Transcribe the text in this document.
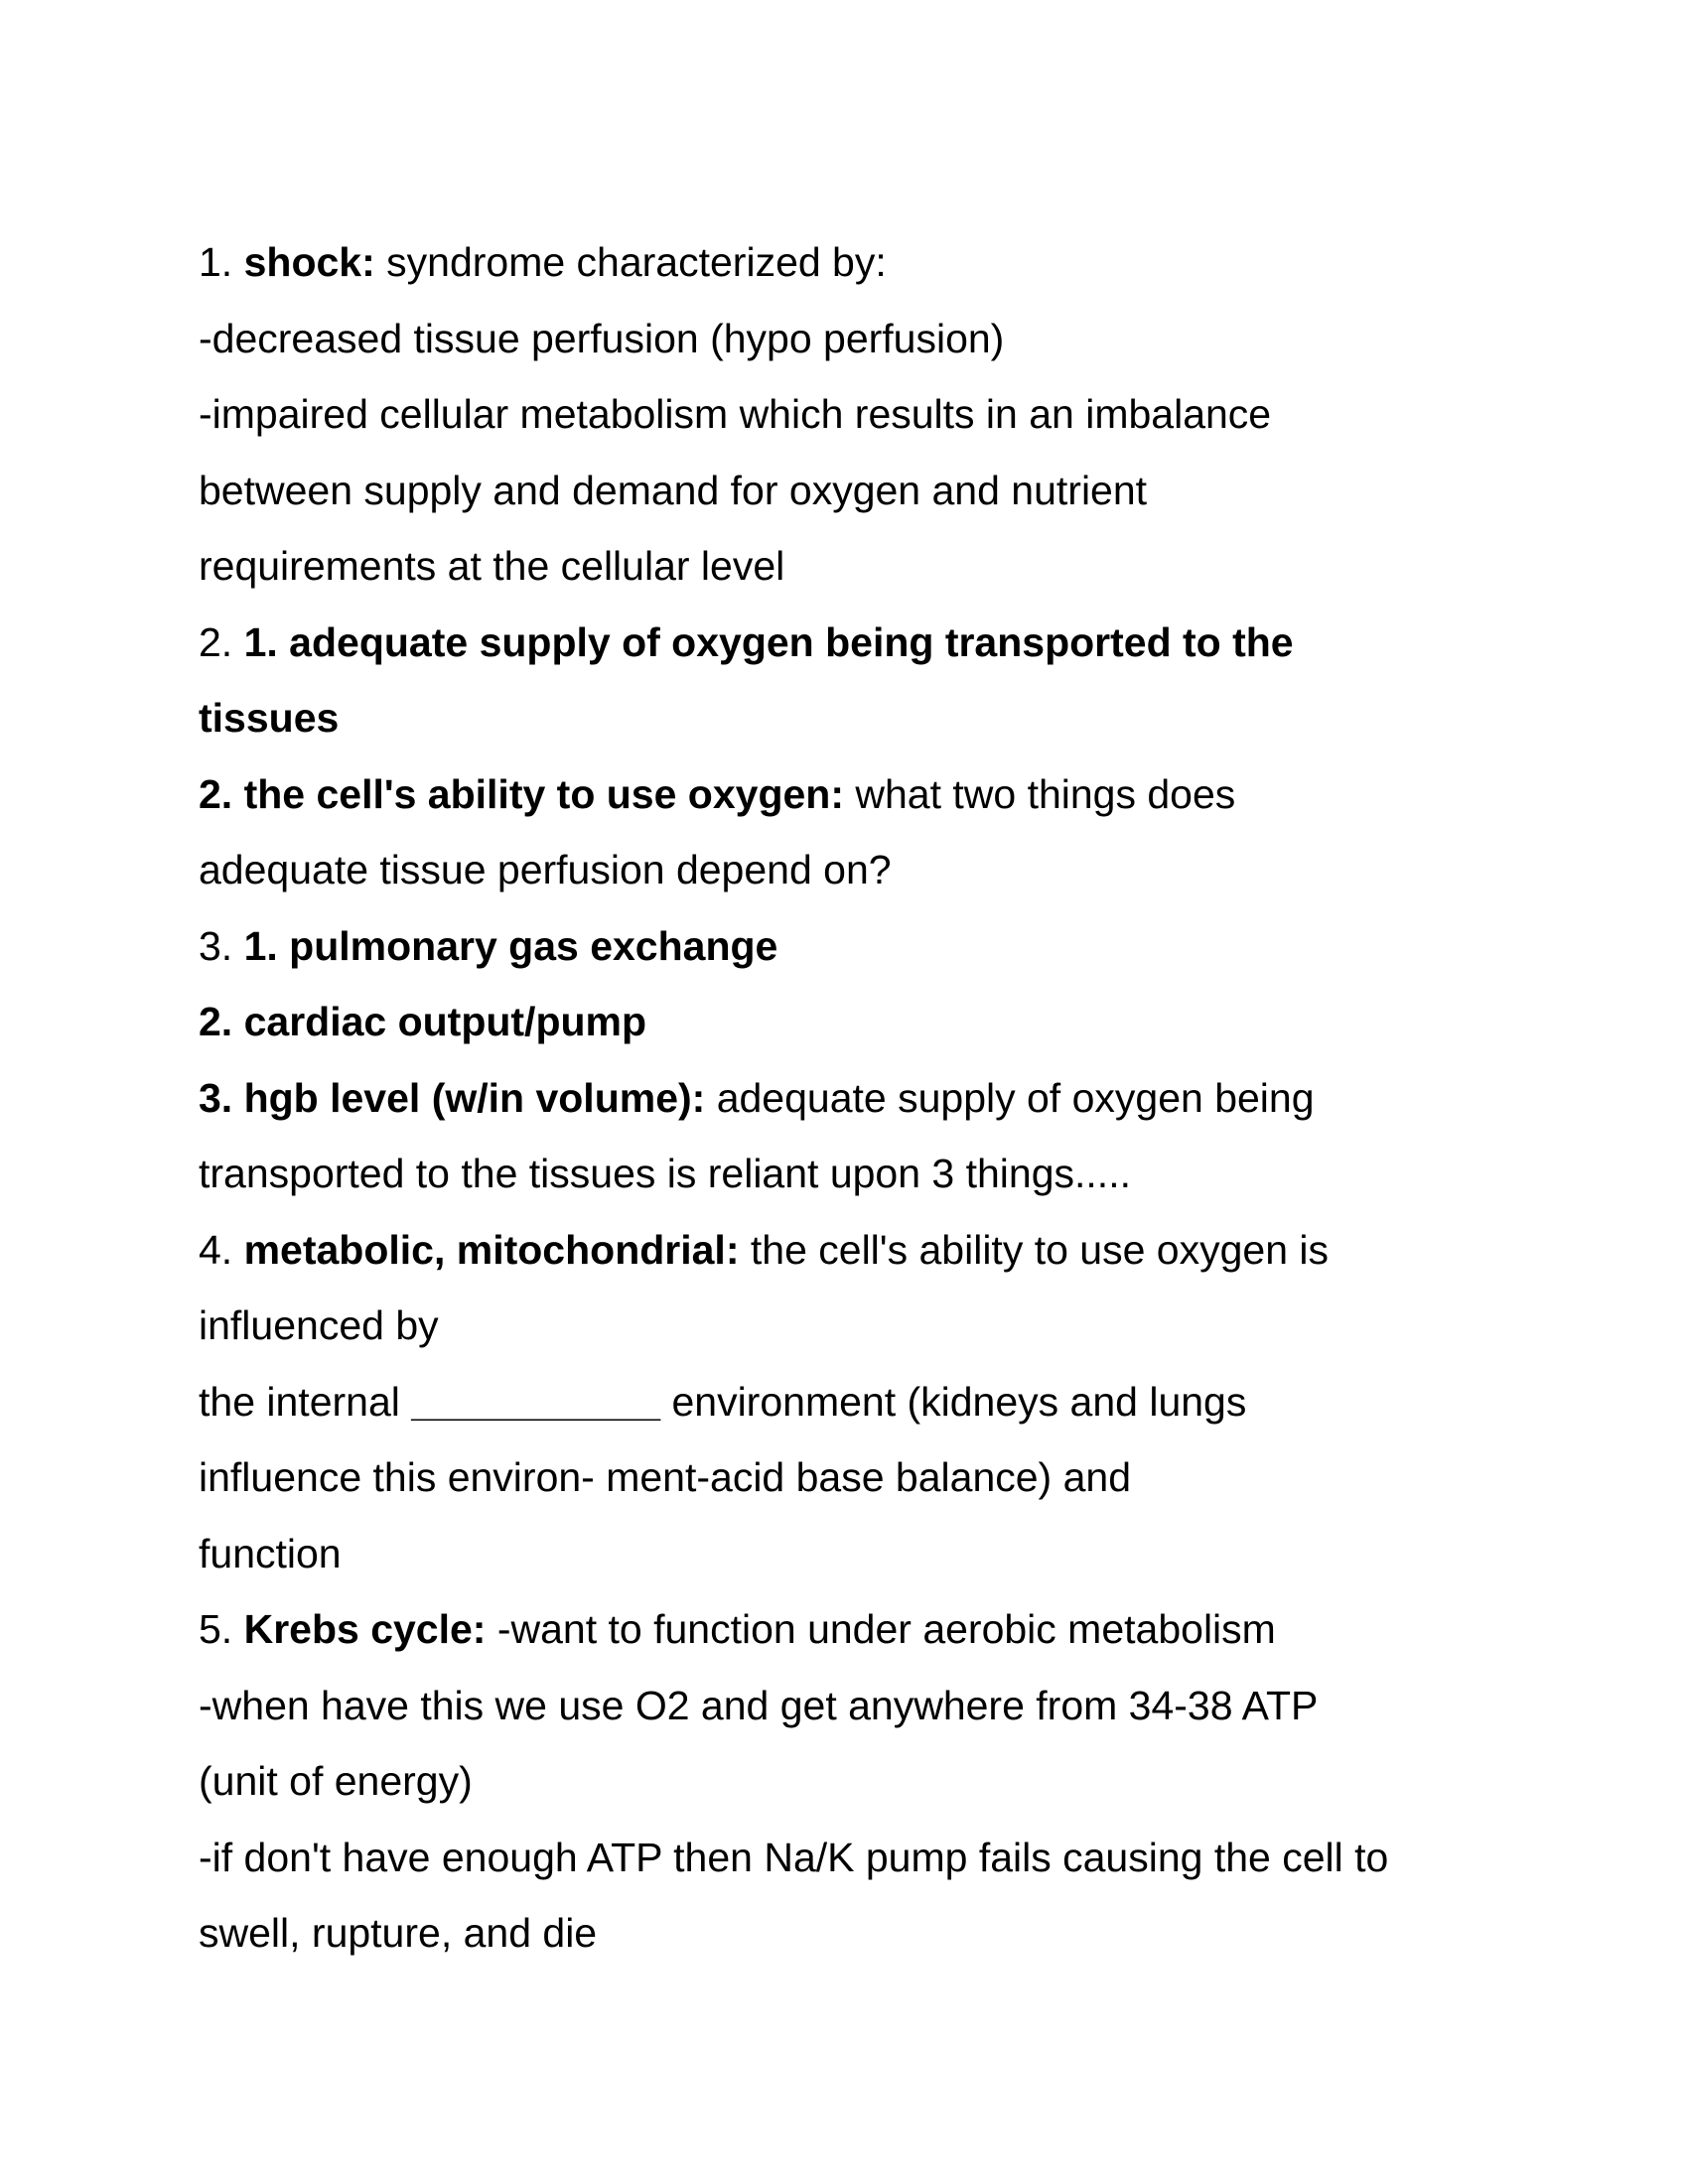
1. shock: syndrome characterized by:

-decreased tissue perfusion (hypo perfusion)

-impaired cellular metabolism which results in an imbalance

between supply and demand for oxygen and nutrient

requirements at the cellular level

2. 1. adequate supply of oxygen being transported to the

tissues

2. the cell's ability to use oxygen: what two things does

adequate tissue perfusion depend on?

3. 1. pulmonary gas exchange

2. cardiac output/pump

3. hgb level (w/in volume): adequate supply of oxygen being

transported to the tissues is reliant upon 3 things.....

4. metabolic, mitochondrial: the cell's ability to use oxygen is

influenced by

the internal ___________ environment (kidneys and lungs

influence this environ- ment-acid base balance) and

function

5. Krebs cycle: -want to function under aerobic metabolism

-when have this we use O2 and get anywhere from 34-38 ATP

(unit of energy)

-if don't have enough ATP then Na/K pump fails causing the cell to

swell, rupture, and die
